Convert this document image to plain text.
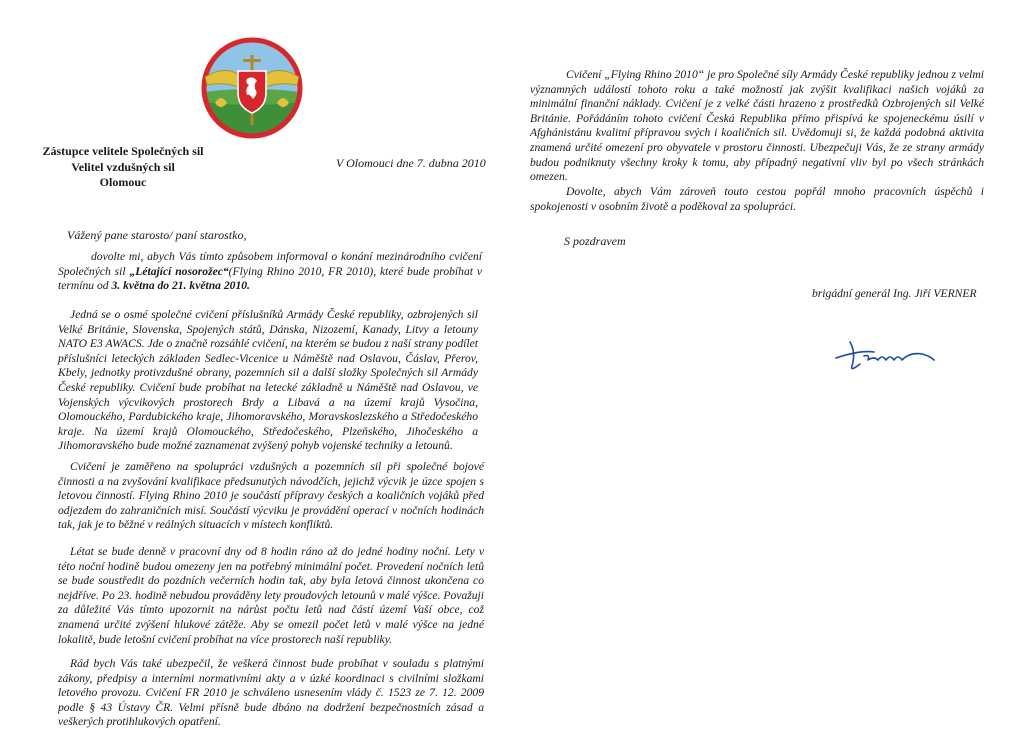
Zástupce velitele Společných sil
Velitel vzdušných sil
Olomouc
V Olomouci dne 7. dubna 2010
Vážený pane starosto/ paní starostko,
dovolte mi, abych Vás tímto způsobem informoval o konání mezinárodního cvičení Společných sil „Létající nosorožec“(Flying Rhino 2010, FR 2010), které bude probíhat v termínu od 3. května do 21. května 2010.
Jedná se o osmé společné cvičení příslušníků Armády České republiky, ozbrojených sil Velké Británie, Slovenska, Spojených států, Dánska, Nizozemí, Kanady, Litvy a letouny NATO E3 AWACS. Jde o značně rozsáhlé cvičení, na kterém se budou z naší strany podílet příslušníci leteckých základen Sedlec-Vicenice u Náměště nad Oslavou, Čáslav, Přerov, Kbely, jednotky protivzdušné obrany, pozemních sil a další složky Společných sil Armády České republiky. Cvičení bude probíhat na letecké základně u Náměště nad Oslavou, ve Vojenských výcvikových prostorech Brdy a Libavá a na území krajů Vysočina, Olomouckého, Pardubického kraje, Jihomoravského, Moravskoslezského a Středočeského kraje. Na území krajů Olomouckého, Středočeského, Plzeňského, Jihočeského a Jihomoravského bude možné zaznamenat zvýšený pohyb vojenské techniky a letounů.
Cvičení je zaměřeno na spolupráci vzdušných a pozemních sil při společné bojové činnosti a na zvyšování kvalifikace předsunutých návodčích, jejichž výcvik je úzce spojen s letovou činností. Flying Rhino 2010 je součástí přípravy českých a koaličních vojáků před odjezdem do zahraničních misí. Součástí výcviku je provádění operací v nočních hodinách tak, jak je to běžné v reálných situacích v místech konfliktů.
Létat se bude denně v pracovní dny od 8 hodin ráno až do jedné hodiny noční. Lety v této noční hodině budou omezeny jen na potřebný minimální počet. Provedení nočních letů se bude soustředit do pozdních večerních hodin tak, aby byla letová činnost ukončena co nejdříve. Po 23. hodině nebudou prováděny lety proudových letounů v malé výšce. Považuji za důležité Vás tímto upozornit na nárůst počtu letů nad částí území Vaší obce, což znamená určité zvýšení hlukové zátěže. Aby se omezil počet letů v malé výšce na jedné lokalitě, bude letošní cvičení probíhat na více prostorech naší republiky.
Rád bych Vás také ubezpečil, že veškerá činnost bude probíhat v souladu s platnými zákony, předpisy a interními normativními akty a v úzké koordinaci s civilními složkami letového provozu. Cvičení FR 2010 je schváleno usnesením vlády č. 1523 ze 7. 12. 2009 podle § 43 Ústavy ČR. Velmi přísně bude dbáno na dodržení bezpečnostních zásad a veškerých protihlukových opatření.
Cvičení „Flying Rhino 2010“ je pro Společné síly Armády České republiky jednou z velmi významných událostí tohoto roku a také možností jak zvýšit kvalifikaci našich vojáků za minimální finanční náklady. Cvičení je z velké části hrazeno z prostředků Ozbrojených sil Velké Británie. Pořádáním tohoto cvičení Česká Republika přímo přispívá ke spojeneckému úsilí v Afghánistánu kvalitní přípravou svých i koaličních sil. Uvědomuji si, že každá podobná aktivita znamená určité omezení pro obyvatele v prostoru činnosti. Ubezpečuji Vás, že ze strany armády budou podniknuty všechny kroky k tomu, aby případný negativní vliv byl po všech stránkách omezen.
Dovolte, abych Vám zároveň touto cestou popřál mnoho pracovních úspěchů i spokojenosti v osobním životě a poděkoval za spolupráci.
S pozdravem
brigádní generál Ing. Jiří VERNER
